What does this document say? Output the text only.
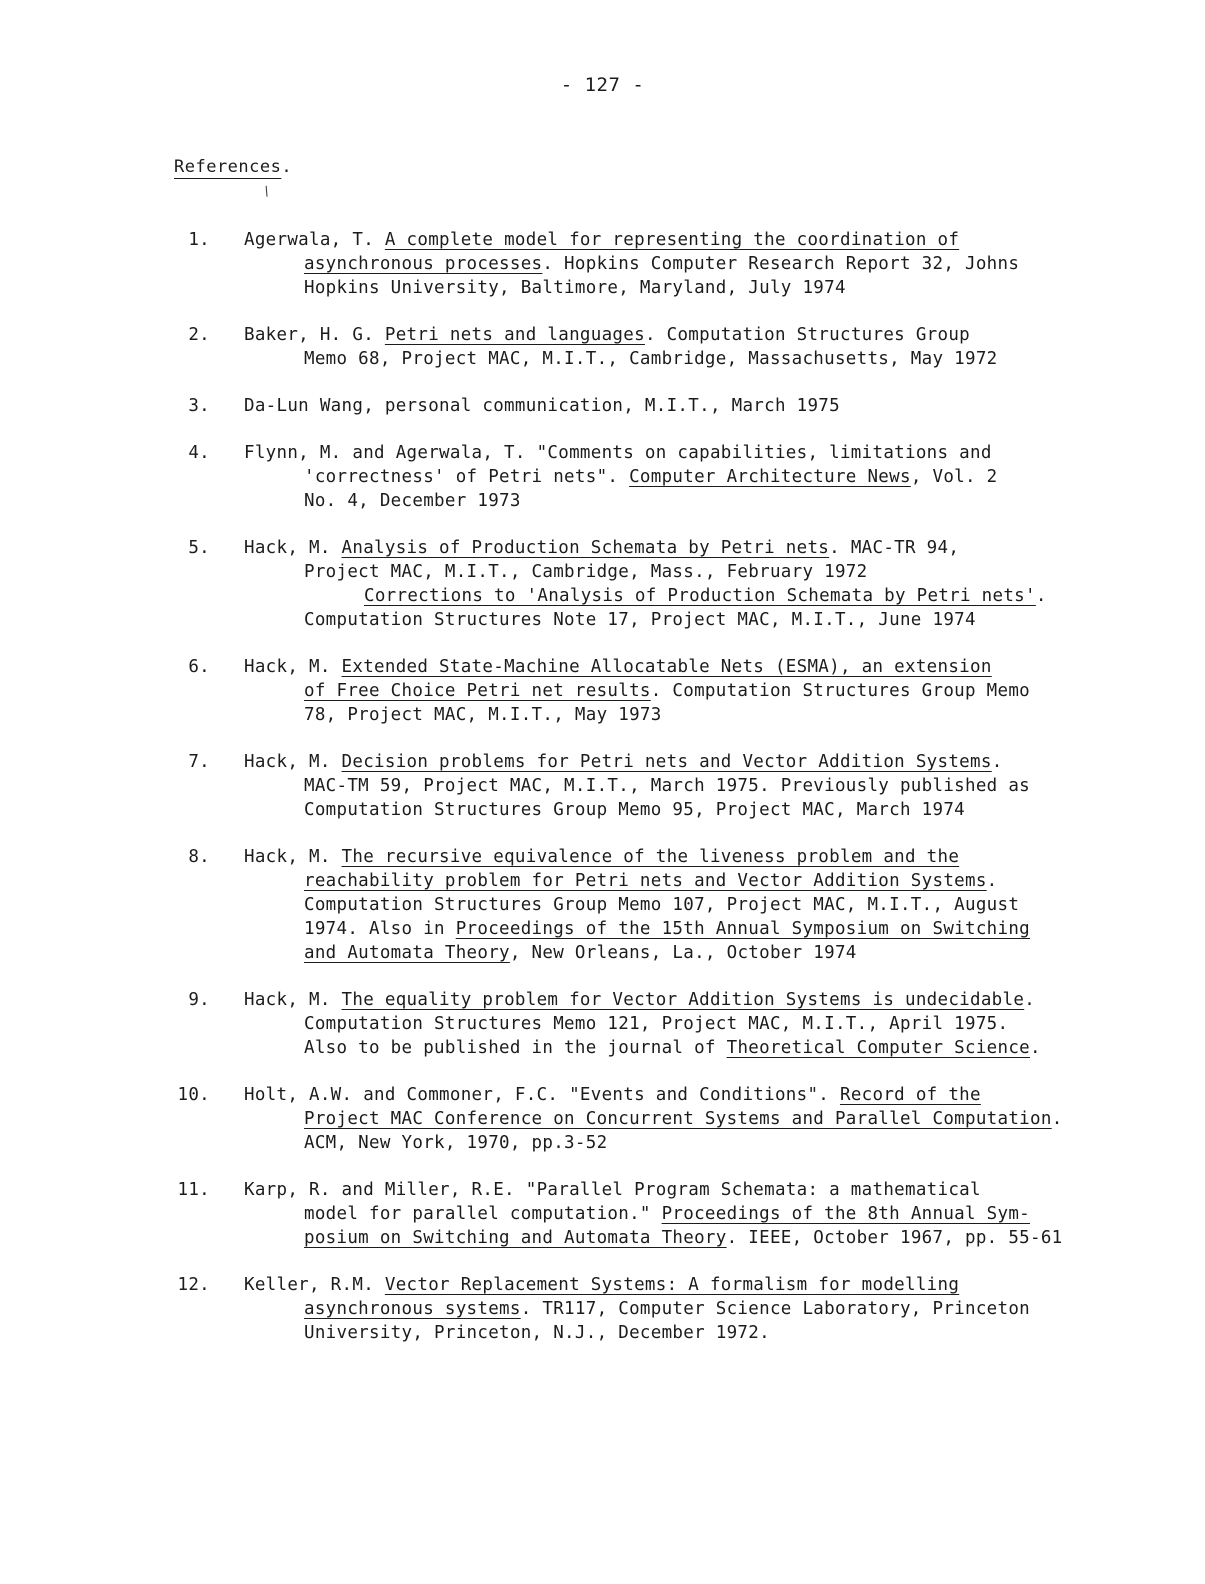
- 127 -
References.
/
1. Agerwala, T. A complete model for representing the coordination of
asynchronous processes. Hopkins Computer Research Report 32, Johns
Hopkins University, Baltimore, Maryland, July 1974
2. Baker, H. G. Petri nets and languages. Computation Structures Group
Memo 68, Project MAC, M.I.T., Cambridge, Massachusetts, May 1972
3. Da-Lun Wang, personal communication, M.I.T., March 1975
4. Flynn, M. and Agerwala, T. "Comments on capabilities, limitations and
'correctness' of Petri nets". Computer Architecture News, Vol. 2
No. 4, December 1973
5. Hack, M. Analysis of Production Schemata by Petri nets. MAC-TR 94,
Project MAC, M.I.T., Cambridge, Mass., February 1972
Corrections to 'Analysis of Production Schemata by Petri nets'.
Computation Structures Note 17, Project MAC, M.I.T., June 1974
6. Hack, M. Extended State-Machine Allocatable Nets (ESMA), an extension
of Free Choice Petri net results. Computation Structures Group Memo
78, Project MAC, M.I.T., May 1973
7. Hack, M. Decision problems for Petri nets and Vector Addition Systems.
MAC-TM 59, Project MAC, M.I.T., March 1975. Previously published as
Computation Structures Group Memo 95, Project MAC, March 1974
8. Hack, M. The recursive equivalence of the liveness problem and the
reachability problem for Petri nets and Vector Addition Systems.
Computation Structures Group Memo 107, Project MAC, M.I.T., August
1974. Also in Proceedings of the 15th Annual Symposium on Switching
and Automata Theory, New Orleans, La., October 1974
9. Hack, M. The equality problem for Vector Addition Systems is undecidable.
Computation Structures Memo 121, Project MAC, M.I.T., April 1975.
Also to be published in the journal of Theoretical Computer Science.
10. Holt, A.W. and Commoner, F.C. "Events and Conditions". Record of the
Project MAC Conference on Concurrent Systems and Parallel Computation.
ACM, New York, 1970, pp.3-52
11. Karp, R. and Miller, R.E. "Parallel Program Schemata: a mathematical
model for parallel computation." Proceedings of the 8th Annual Sym-
posium on Switching and Automata Theory. IEEE, October 1967, pp. 55-61
12. Keller, R.M. Vector Replacement Systems: A formalism for modelling
asynchronous systems. TR117, Computer Science Laboratory, Princeton
University, Princeton, N.J., December 1972.
